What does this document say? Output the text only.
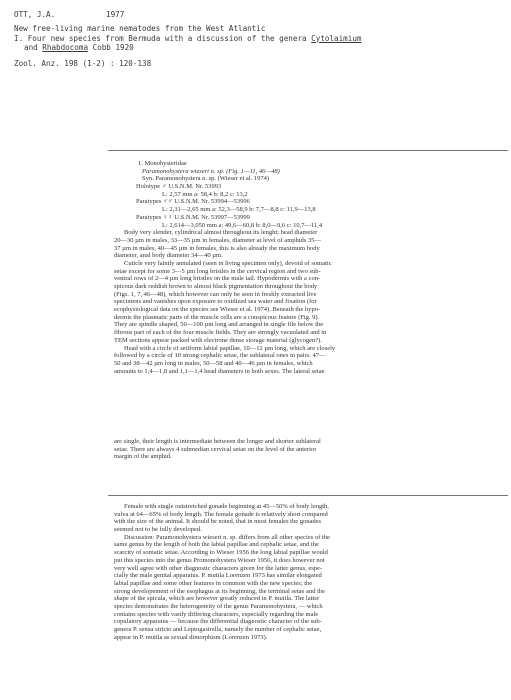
OTT, J.A.	1977
New free-living marine nematodes from the West Atlantic
I. Four new species from Bermuda with a discussion of the genera Cytolaimium
and Rhabdocoma Cobb 1920
Zool. Anz. 198 (1-2) : 120-138
1. Monohysteridae
Paramonohystera wieseri n. sp. (Fig. 1—11, 46—48)
Syn. Paramonohystera n. sp. (Wieser et al. 1974)
Holotype ♂ U.S.N.M. Nr. 53993
L: 2,57 mm a: 58,4 b: 8,2 c: 13,2
Paratypes ♂♂ U.S.N.M. Nr. 53994—53996
L: 2,31—2,65 mm a: 52,3—58,9 b: 7,7—8,8 c: 11,9—13,8
Paratypes ♀♀ U.S.N.M. Nr. 53997—53999
L: 2,614—3,050 mm a: 49,6—60,8 b: 8,0—9,6 c: 10,7—11,4
Body very slender, cylindrical almost throughout its lenght; head diameter
20—30 µm in males, 33—35 µm in females, diameter at level of amphids 35—
37 µm in males, 40—45 µm in females, this is also already the maximum body
diameter, anal body diameter 34—40 µm.
Cuticle very faintly annulated (seen in living specimen only), devoid of somatic
setae except for some 3—5 µm long bristles in the cervical region and two sub-
ventral rows of 2—4 µm long bristles on the male tail. Hypodermis with a con-
spicous dark reddish brown to almost black pigmentation throughout the body
(Figs. 1, 7, 46—48), which however can only be seen in freshly extracted live
specimens and vanishes upon exposure to oxidized sea water and fixation (for
ecophysiological data on the species see Wieser et al. 1974). Beneath the hypo-
dermis the plasmatic parts of the muscle cells are a conspicous feature (Fig. 9).
They are spindle shaped, 50—100 µm long and arranged in single file below the
fibrous part of each of the four muscle fields. They are strongly vacuolated and in
TEM sections appear packed with electrone dense storage material (glycogen?).
Head with a circle of setiform labial papillae, 10—12 µm long, which are closely
followed by a circle of 10 strong cephalic setae, the sublateral ones in pairs. 47—
50 and 38—42 µm long in males, 50—58 and 40—46 µm in females, which
amounts to 1,4—1,8 and 1,1—1,4 head diameters in both sexes. The lateral setae
are single, their length is intermediate between the longer and shorter sublateral
setae. There are always 4 submedian cervical setae on the level of the anterior
margin of the amphid.
Female with single outstretched gonade beginning at 45—50% of body length,
vulva at 64—65% of body length. The female gonade is relatively short compared
with the size of the animal. It should be noted, that in most females the gonades
seemed not to be fully developed.
Discussion: Paramonohystera wieseri n. sp. differs from all other species of the
same genus by the length of both the labial papillae and cephalic setae, and the
scarcity of somatic setae. According to Wieser 1956 the long labial papillae would
put this species into the genus Promonohystera Wieser 1956, it does however not
very well agree with other diagnostic characters given for the latter genus, espe-
cially the male genital apparatus. P. mutila Lorenzen 1973 has similar elongated
labial papillae and some other features in common with the new species; the
strong developement of the esophagus at its beginning, the terminal setae and the
shape of the spicula, which are however greatly reduced in P. mutila. The latter
species demonstrates the heterogeneity of the genus Paramonohystera, — which
contains species with vastly differing characters, especially regarding the male
copulatory apparatus — because the differential diagnostic character of the sub-
genera P. sensu stricto and Leptogastrella, namely the number of cephalic setae,
appear in P. mutila as sexual dimorphism (Lorenzen 1973).
